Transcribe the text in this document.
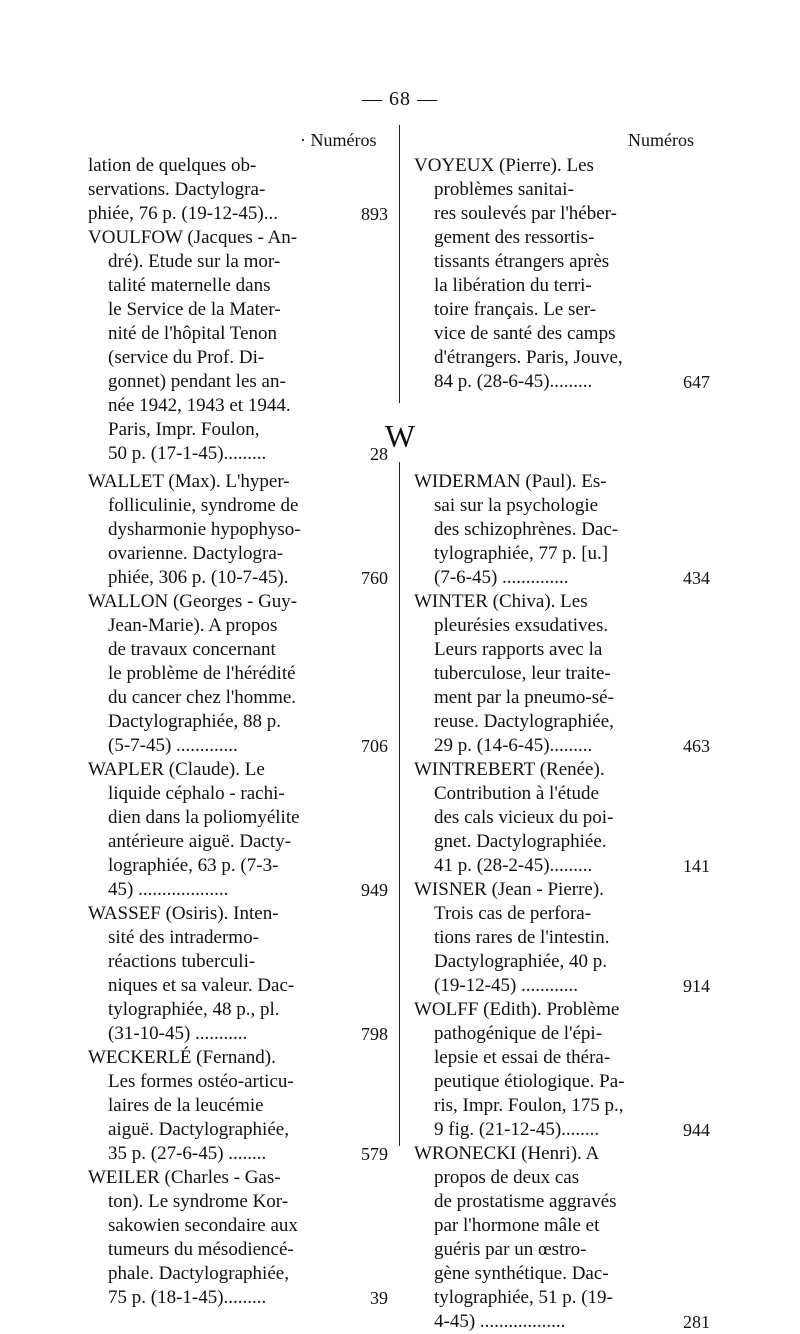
— 68 —
· Numéros	Numéros
lation de quelques ob-
servations. Dactylogra-
phiée, 76 p. (19-12-45)...	893
VOULFOW (Jacques - An-
dré). Etude sur la mor-
talité maternelle dans
le Service de la Mater-
nité de l'hôpital Tenon
(service du Prof. Di-
gonnet) pendant les an-
née 1942, 1943 et 1944.
Paris, Impr. Foulon,
50 p. (17-1-45).........	28
VOYEUX (Pierre). Les
problèmes sanitai-
res soulevés par l'héber-
gement des ressortis-
tissants étrangers après
la libération du terri-
toire français. Le ser-
vice de santé des camps
d'étrangers. Paris, Jouve,
84 p. (28-6-45).........	647
W
WALLET (Max). L'hyper-
folliculinie, syndrome de
dysharmonie hypophyso-
ovarienne. Dactylogra-
phiée, 306 p. (10-7-45).	760
WALLON (Georges - Guy-
Jean-Marie). A propos
de travaux concernant
le problème de l'hérédité
du cancer chez l'homme.
Dactylographiée, 88 p.
(5-7-45) .............	706
WAPLER (Claude). Le
liquide céphalo - rachi-
dien dans la poliomyélite
antérieure aiguë. Dacty-
lographiée, 63 p. (7-3-
45) ...................	949
WASSEF (Osiris). Inten-
sité des intradermo-
réactions tuberculi-
niques et sa valeur. Dac-
tylographiée, 48 p., pl.
(31-10-45) ...........	798
WECKERLÉ (Fernand).
Les formes ostéo-articu-
laires de la leucémie
aiguë. Dactylographiée,
35 p. (27-6-45) ........	579
WEILER (Charles - Gas-
ton). Le syndrome Kor-
sakowien secondaire aux
tumeurs du mésodiencé-
phale. Dactylographiée,
75 p. (18-1-45).........	39
WIDERMAN (Paul). Es-
sai sur la psychologie
des schizophrènes. Dac-
tylographiée, 77 p. [u.]
(7-6-45) ..............	434
WINTER (Chiva). Les
pleurésies exsudatives.
Leurs rapports avec la
tuberculose, leur traite-
ment par la pneumo-sé-
reuse. Dactylographiée,
29 p. (14-6-45).........	463
WINTREBERT (Renée).
Contribution à l'étude
des cals vicieux du poi-
gnet. Dactylographiée.
41 p. (28-2-45).........	141
WISNER (Jean - Pierre).
Trois cas de perfora-
tions rares de l'intestin.
Dactylographiée, 40 p.
(19-12-45) ............	914
WOLFF (Edith). Problème
pathogénique de l'épi-
lepsie et essai de théra-
peutique étiologique. Pa-
ris, Impr. Foulon, 175 p.,
9 fig. (21-12-45)........	944
WRONECKI (Henri). A
propos de deux cas
de prostatisme aggravés
par l'hormone mâle et
guéris par un œstro-
gène synthétique. Dac-
tylographiée, 51 p. (19-
4-45) ..................	281
